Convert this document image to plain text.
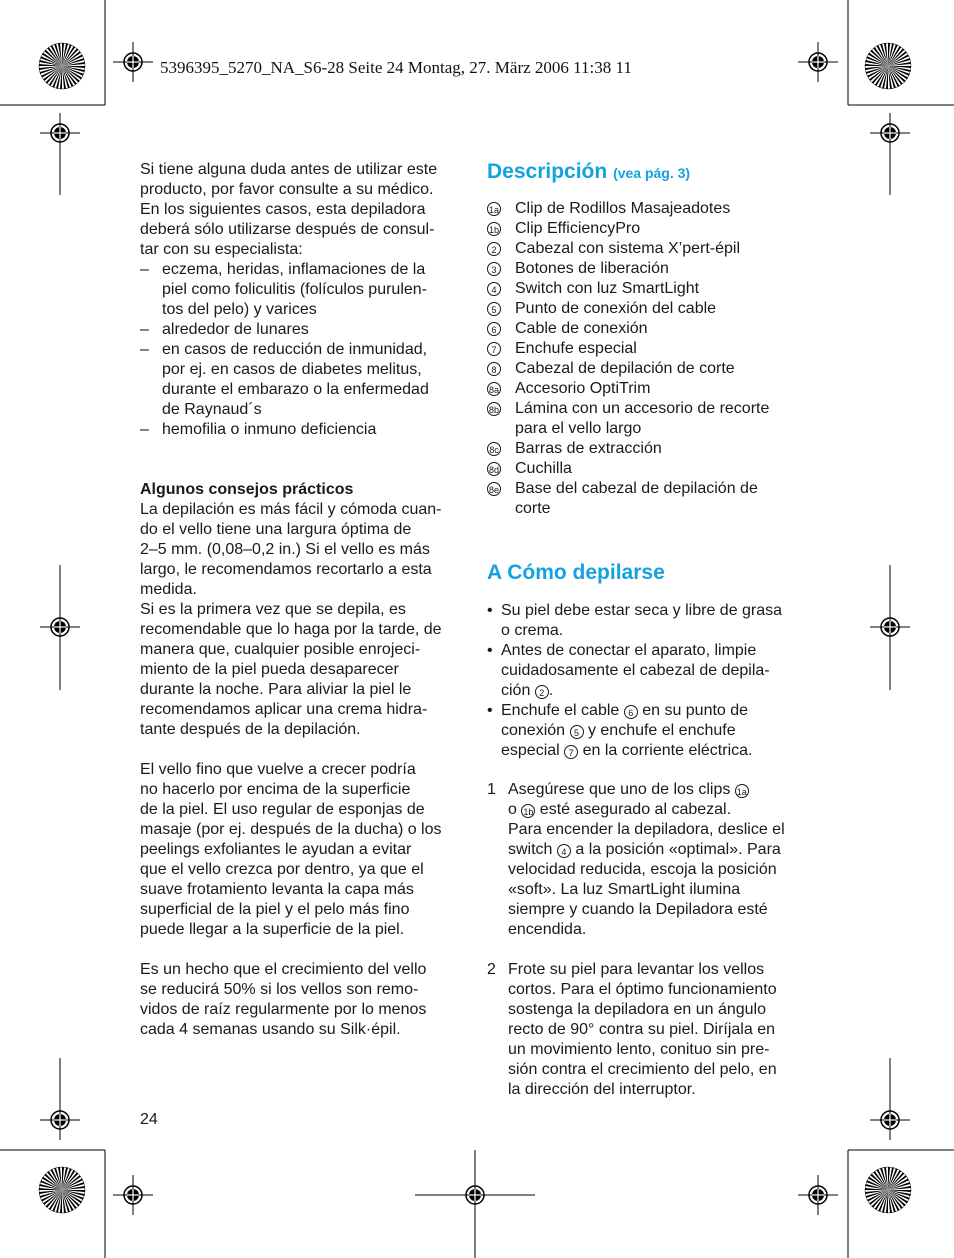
5396395_5270_NA_S6-28 Seite 24 Montag, 27. März 2006 11:38 11

Si tiene alguna duda antes de utilizar este

producto, por favor consulte a su médico.

En los siguientes casos, esta depiladora

deberá sólo utilizarse después de consul-

tar con su especialista:

– eczema, heridas, inflamaciones de la

piel como foliculitis (folículos purulen-

tos del pelo) y varices

– alrededor de lunares

– en casos de reducción de inmunidad,

por ej. en casos de diabetes melitus,

durante el embarazo o la enfermedad

de Raynaud´s

– hemofilia o inmuno deficiencia

Algunos consejos prácticos

La depilación es más fácil y cómoda cuan-

do el vello tiene una largura óptima de

2–5 mm. (0,08–0,2 in.) Si el vello es más

largo, le recomendamos recortarlo a esta

medida.

Si es la primera vez que se depila, es

recomendable que lo haga por la tarde, de

manera que, cualquier posible enrojeci-

miento de la piel pueda desaparecer

durante la noche. Para aliviar la piel le

recomendamos aplicar una crema hidra-

tante después de la depilación.

El vello fino que vuelve a crecer podría

no hacerlo por encima de la superficie

de la piel. El uso regular de esponjas de

masaje (por ej. después de la ducha) o los

peelings exfoliantes le ayudan a evitar

que el vello crezca por dentro, ya que el

suave frotamiento levanta la capa más

superficial de la piel y el pelo más fino

puede llegar a la superficie de la piel.

Es un hecho que el crecimiento del vello

se reducirá 50% si los vellos son remo-

vidos de raíz regularmente por lo menos

cada 4 semanas usando su Silk·épil.

Descripción (vea pág. 3)
1a Clip de Rodillos Masajeadotes

1b Clip EfficiencyPro

2 Cabezal con sistema X’pert-épil

3 Botones de liberación

4 Switch con luz SmartLight

5 Punto de conexión del cable

6 Cable de conexión

7 Enchufe especial

8 Cabezal de depilación de corte

8a Accesorio OptiTrim

8b Lámina con un accesorio de recorte

para el vello largo

8c Barras de extracción

8d Cuchilla

8e Base del cabezal de depilación de

corte

A Cómo depilarse
• Su piel debe estar seca y libre de grasa

o crema.

• Antes de conectar el aparato, limpie

cuidadosamente el cabezal de depila-

ción 2 .

• Enchufe el cable 6 en su punto de

conexión 5 y enchufe el enchufe

especial 7 en la corriente eléctrica.

1 Asegúrese que uno de los clips 1a

o 1b esté asegurado al cabezal.

Para encender la depiladora, deslice el

switch 4 a la posición «optimal». Para

velocidad reducida, escoja la posición

«soft». La luz SmartLight ilumina

siempre y cuando la Depiladora esté

encendida.

2 Frote su piel para levantar los vellos

cortos. Para el óptimo funcionamiento

sostenga la depiladora en un ángulo

recto de 90° contra su piel. Diríjala en

un movimiento lento, conituo sin pre-

sión contra el crecimiento del pelo, en

la dirección del interruptor.

24
